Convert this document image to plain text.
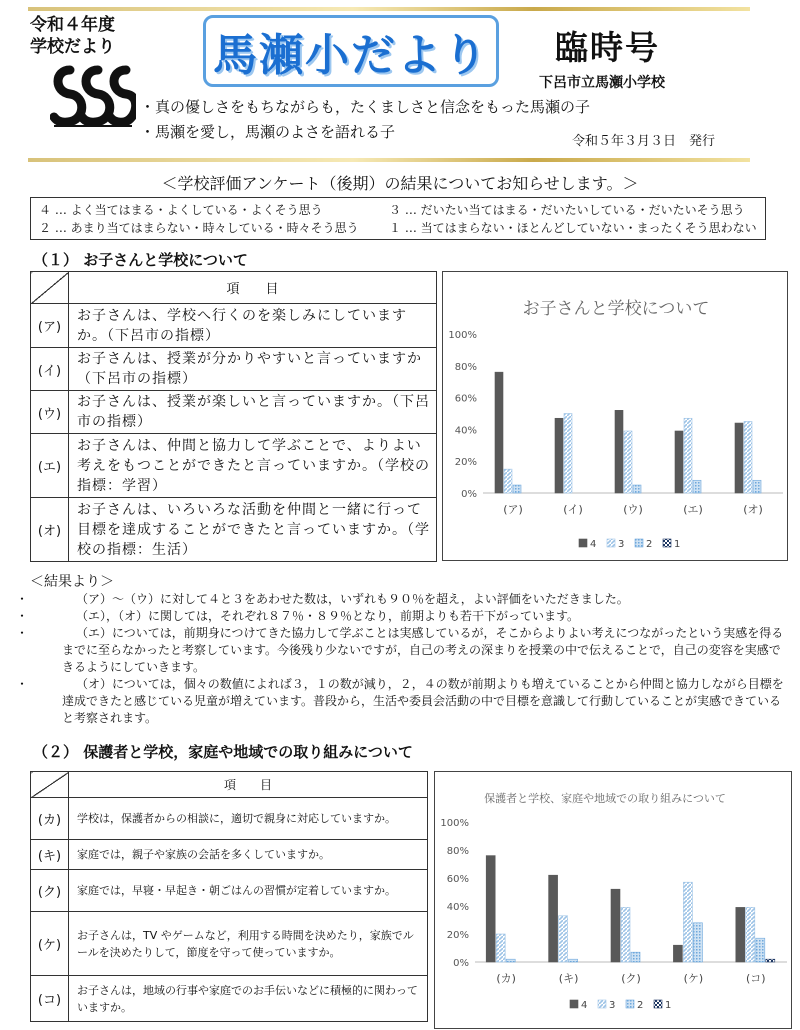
令和４年度
学校だより 馬瀬小だより 臨時号
下呂市立馬瀬小学校
・真の優しさをもちながらも，たくましさと信念をもった馬瀬の子
・馬瀬を愛し，馬瀬のよさを語れる子
令和５年３月３日　発行
＜学校評価アンケート（後期）の結果についてお知らせします。＞
４ … よく当てはまる・よくしている・よくそう思う	３ … だいたい当てはまる・だいたいしている・だいたいそう思う
２ … あまり当てはまらない・時々している・時々そう思う	１ … 当てはまらない・ほとんどしていない・まったくそう思わない
（１） お子さんと学校について
	項　　目
(ア)	お子さんは、学校へ行くのを楽しみにしていますか。（下呂市の指標）
(イ)	お子さんは、授業が分かりやすいと言っていますか（下呂市の指標）
(ウ)	お子さんは、授業が楽しいと言っていますか。（下呂市の指標）
(エ)	お子さんは、仲間と協力して学ぶことで、よりよい考えをもつことができたと言っていますか。（学校の指標：学習）
(オ)	お子さんは、いろいろな活動を仲間と一緒に行って目標を達成することができたと言っていますか。（学校の指標：生活）
お子さんと学校について
0%
20%
40%
60%
80%
100%
(ア)	(イ)	(ウ)	(エ)	(オ)
4 3 2 1
＜結果より＞
・ （ア）～（ウ）に対して４と３をあわせた数は，いずれも９０％を超え，よい評価をいただきました。
・ （エ），（オ）に関しては，それぞれ８７％・８９％となり，前期よりも若干下がっています。
・ （エ）については，前期身につけてきた協力して学ぶことは実感しているが，そこからよりよい考えにつながったという実感を得るまでに至らなかったと考察しています。今後残り少ないですが，自己の考えの深まりを授業の中で伝えることで，自己の変容を実感できるようにしていきます。
・ （オ）については，個々の数値によれば３，１の数が減り，２，４の数が前期よりも増えていることから仲間と協力しながら目標を達成できたと感じている児童が増えています。普段から，生活や委員会活動の中で目標を意識して行動していることが実感できていると考察されます。
（２） 保護者と学校，家庭や地域での取り組みについて
	項　　目
(カ)	学校は，保護者からの相談に，適切で親身に対応していますか。
(キ)	家庭では，親子や家族の会話を多くしていますか。
(ク)	家庭では，早寝・早起き・朝ごはんの習慣が定着していますか。
(ケ)	お子さんは，TV やゲームなど，利用する時間を決めたり，家族でルールを決めたりして，節度を守って使っていますか。
(コ)	お子さんは，地域の行事や家庭でのお手伝いなどに積極的に関わっていますか。
保護者と学校、家庭や地域での取り組みについて
0%
20%
40%
60%
80%
100%
(カ)	(キ)	(ク)	(ケ)	(コ)
4 3 2 1
